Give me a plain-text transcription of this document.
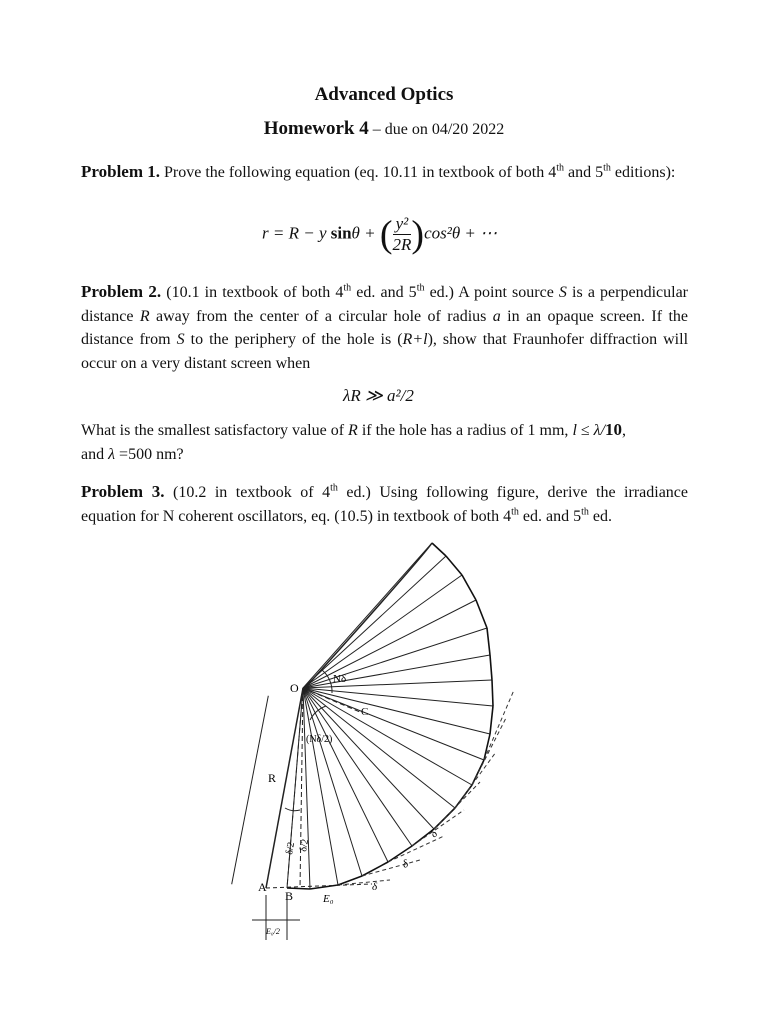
Advanced Optics
Homework 4 – due on 04/20 2022
Problem 1. Prove the following equation (eq. 10.11 in textbook of both 4th and 5th editions):
r = R − y sinθ + ( $\frac{\text{y²}}{2R} )\cos^2\theta$ + ⋯
Problem 2. (10.1 in textbook of both 4th ed. and 5th ed.) A point source S is a perpendicular distance R away from the center of a circular hole of radius a in an opaque screen. If the distance from S to the periphery of the hole is (R+l), show that Fraunhofer diffraction will occur on a very distant screen when
λR ≫ a²/2
What is the smallest satisfactory value of R if the hole has a radius of 1 mm, l ≤ λ/10,
and λ =500 nm?
Problem 3. (10.2 in textbook of 4th ed.) Using following figure, derive the irradiance equation for N coherent oscillators, eq. (10.5) in textbook of both 4th ed. and 5th ed.
O
Nδ
C
(Nδ/2)
R
δ/2 δ/2
A
B	E₀
E₀/2
δ
δ
δ
